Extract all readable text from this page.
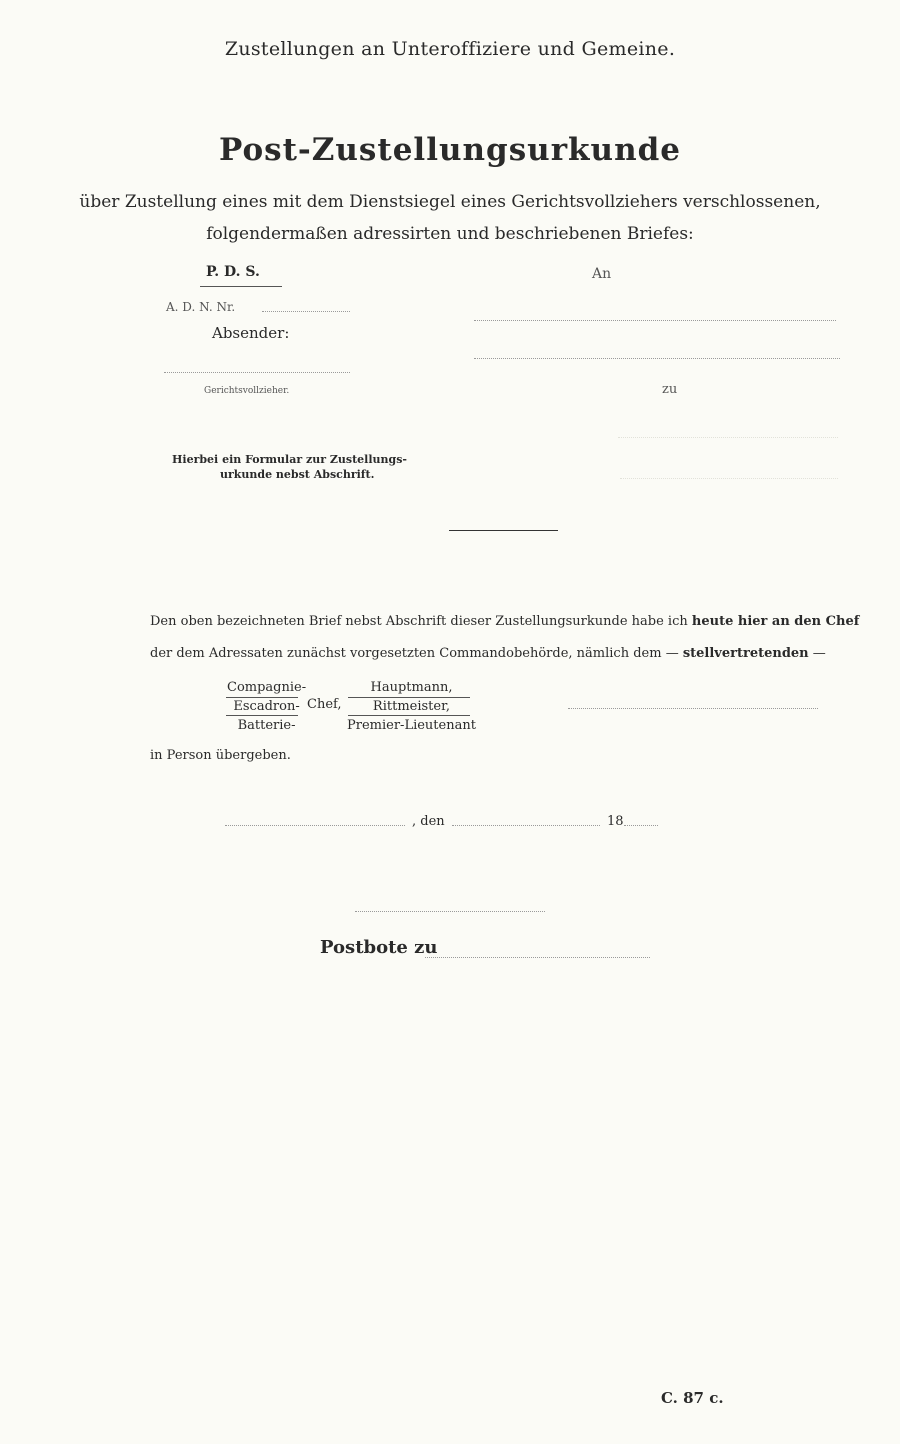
Zustellungen an Unteroffiziere und Gemeine.
Post-Zustellungsurkunde
über Zustellung eines mit dem Dienstsiegel eines Gerichtsvollziehers verschlossenen,
folgendermaßen adressirten und beschriebenen Briefes:
P. D. S.
A. D. N. Nr.
Absender:
Gerichtsvollzieher.
An
zu
Hierbei ein Formular zur Zustellungs-
urkunde nebst Abschrift.
Den oben bezeichneten Brief nebst Abschrift dieser Zustellungsurkunde habe ich heute hier an den Chef
der dem Adressaten zunächst vorgesetzten Commandobehörde, nämlich dem — stellvertretenden —
Compagnie-
Escadron-
Batterie-
Chef,
Hauptmann,
Rittmeister,
Premier-Lieutenant
in Person übergeben.
, den	18
Postbote zu
C. 87 c.
